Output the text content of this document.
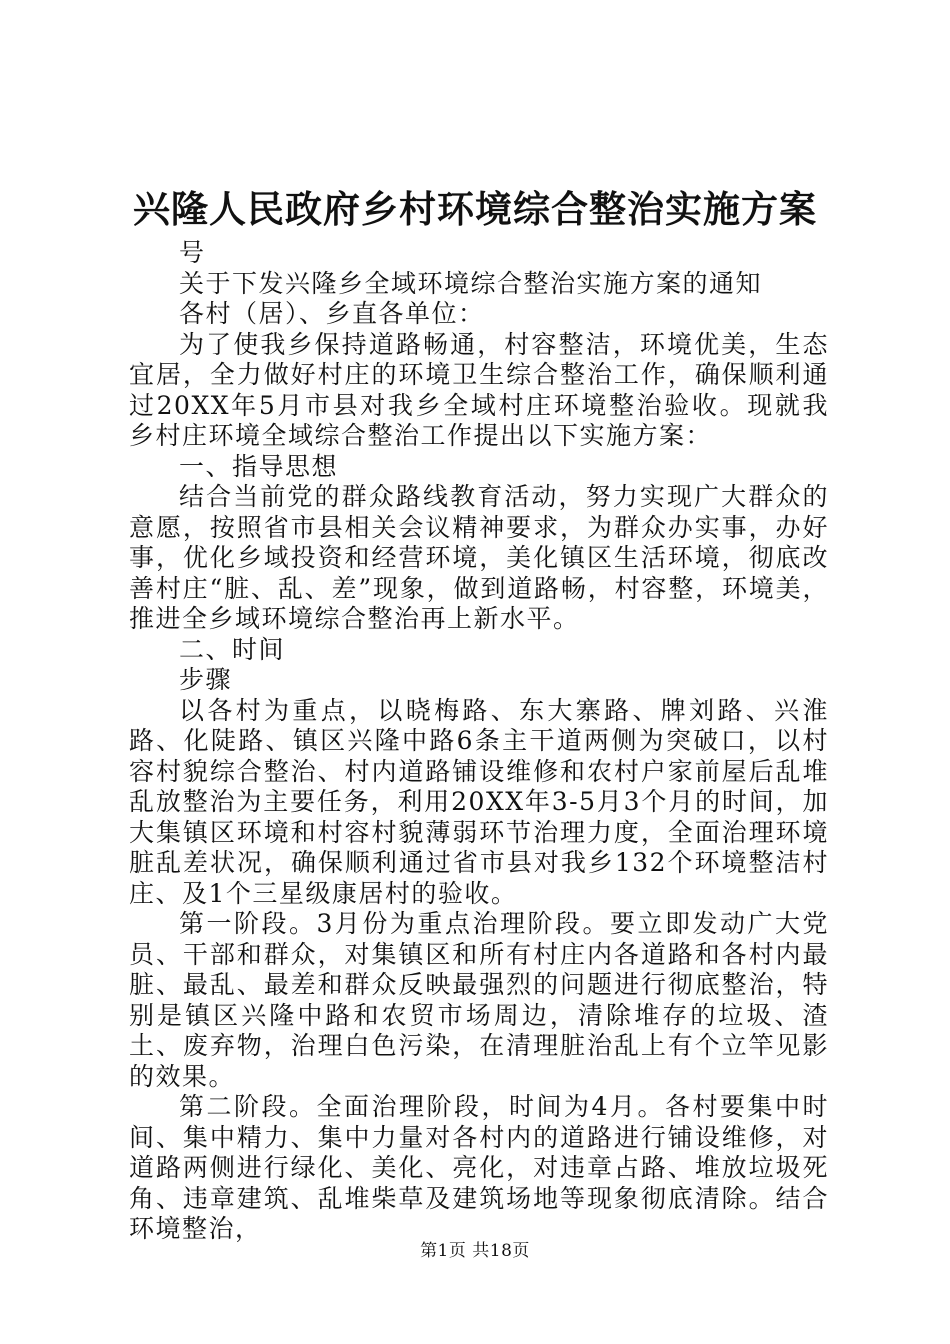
兴隆人民政府乡村环境综合整治实施方案

号

关于下发兴隆乡全域环境综合整治实施方案的通知

各村（居）、乡直各单位：

为了使我乡保持道路畅通，村容整洁，环境优美，生态宜居，全力做好村庄的环境卫生综合整治工作，确保顺利通过20XX年5月市县对我乡全域村庄环境整治验收。现就我乡村庄环境全域综合整治工作提出以下实施方案：

一、指导思想

结合当前党的群众路线教育活动，努力实现广大群众的意愿，按照省市县相关会议精神要求，为群众办实事，办好事，优化乡域投资和经营环境，美化镇区生活环境，彻底改善村庄“脏、乱、差”现象，做到道路畅，村容整，环境美，推进全乡域环境综合整治再上新水平。

二、时间

步骤

以各村为重点，以晓梅路、东大寨路、牌刘路、兴淮路、化陡路、镇区兴隆中路6条主干道两侧为突破口，以村容村貌综合整治、村内道路铺设维修和农村户家前屋后乱堆乱放整治为主要任务，利用20XX年3-5月3个月的时间，加大集镇区环境和村容村貌薄弱环节治理力度，全面治理环境脏乱差状况，确保顺利通过省市县对我乡132个环境整洁村庄、及1个三星级康居村的验收。

第一阶段。3月份为重点治理阶段。要立即发动广大党员、干部和群众，对集镇区和所有村庄内各道路和各村内最脏、最乱、最差和群众反映最强烈的问题进行彻底整治，特别是镇区兴隆中路和农贸市场周边，清除堆存的垃圾、渣土、废弃物，治理白色污染，在清理脏治乱上有个立竿见影的效果。

第二阶段。全面治理阶段，时间为4月。各村要集中时间、集中精力、集中力量对各村内的道路进行铺设维修，对道路两侧进行绿化、美化、亮化，对违章占路、堆放垃圾死角、违章建筑、乱堆柴草及建筑场地等现象彻底清除。结合环境整治，

第1页 共18页
